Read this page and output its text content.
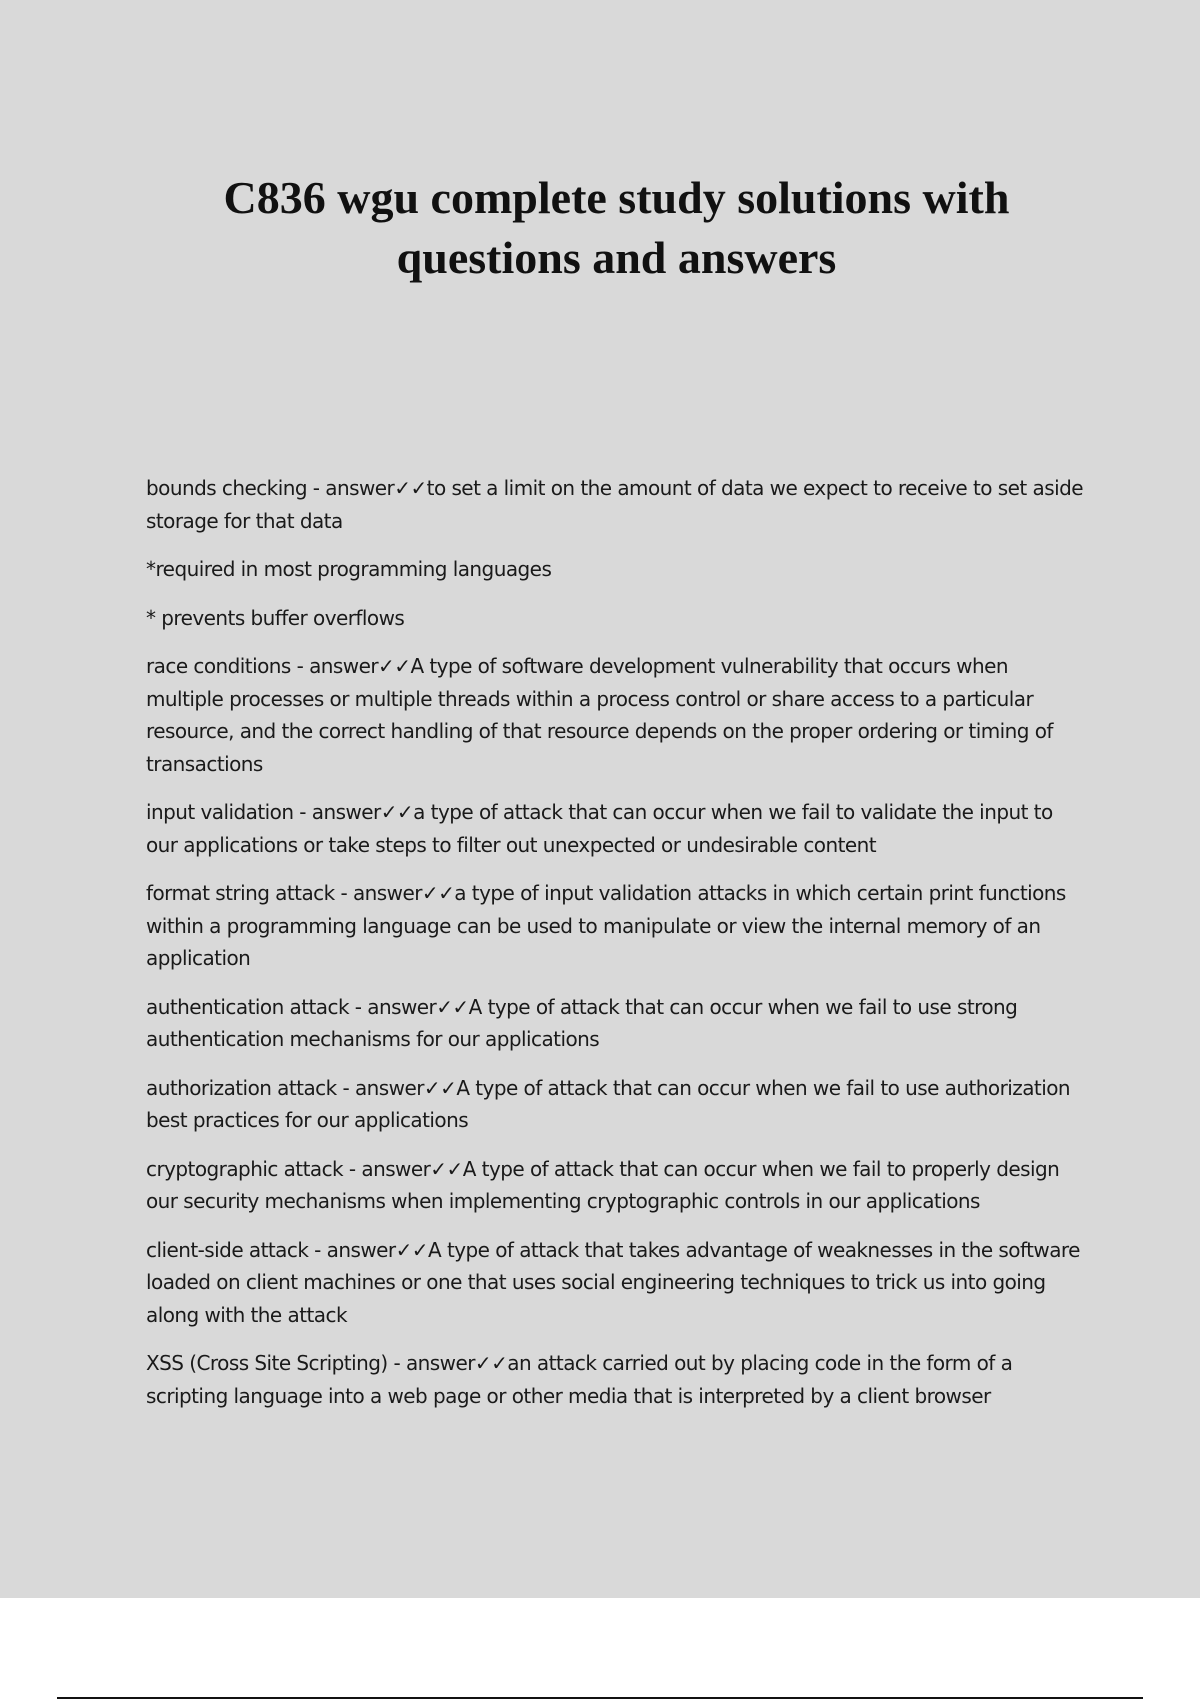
C836 wgu complete study solutions with questions and answers

bounds checking - answer✓✓to set a limit on the amount of data we expect to receive to set aside storage for that data

*required in most programming languages

* prevents buffer overflows

race conditions - answer✓✓A type of software development vulnerability that occurs when multiple processes or multiple threads within a process control or share access to a particular resource, and the correct handling of that resource depends on the proper ordering or timing of transactions

input validation - answer✓✓a type of attack that can occur when we fail to validate the input to our applications or take steps to filter out unexpected or undesirable content

format string attack - answer✓✓a type of input validation attacks in which certain print functions within a programming language can be used to manipulate or view the internal memory of an application

authentication attack - answer✓✓A type of attack that can occur when we fail to use strong authentication mechanisms for our applications

authorization attack - answer✓✓A type of attack that can occur when we fail to use authorization best practices for our applications

cryptographic attack - answer✓✓A type of attack that can occur when we fail to properly design our security mechanisms when implementing cryptographic controls in our applications

client-side attack - answer✓✓A type of attack that takes advantage of weaknesses in the software loaded on client machines or one that uses social engineering techniques to trick us into going along with the attack

XSS (Cross Site Scripting) - answer✓✓an attack carried out by placing code in the form of a scripting language into a web page or other media that is interpreted by a client browser
